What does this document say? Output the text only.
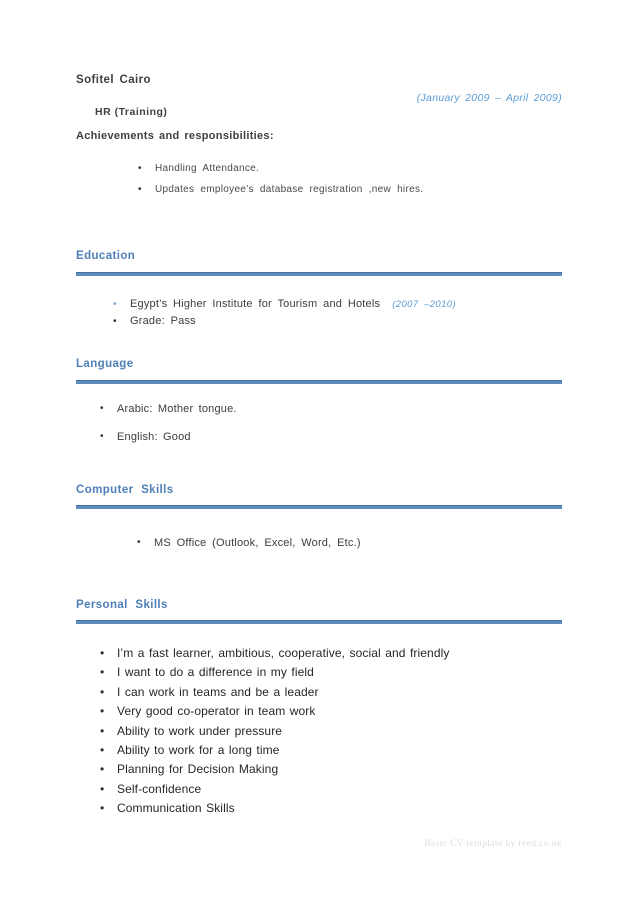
Sofitel Cairo
(January 2009 – April 2009)
HR (Training)
Achievements and responsibilities:
•	Handling Attendance.
•	Updates employee’s database registration ,new hires.
Education
•	Egypt’s Higher Institute for Tourism and Hotels (2007 –2010)
•	Grade: Pass
Language
•	Arabic: Mother tongue.
•	English: Good
Computer Skills
•	MS Office (Outlook, Excel, Word, Etc.)
Personal Skills
•	I’m a fast learner, ambitious, cooperative, social and friendly
•	I want to do a difference in my field
•	I can work in teams and be a leader
•	Very good co-operator in team work
•	Ability to work under pressure
•	Ability to work for a long time
•	Planning for Decision Making
•	Self-confidence
•	Communication Skills
Basic CV template by reed.co.uk
